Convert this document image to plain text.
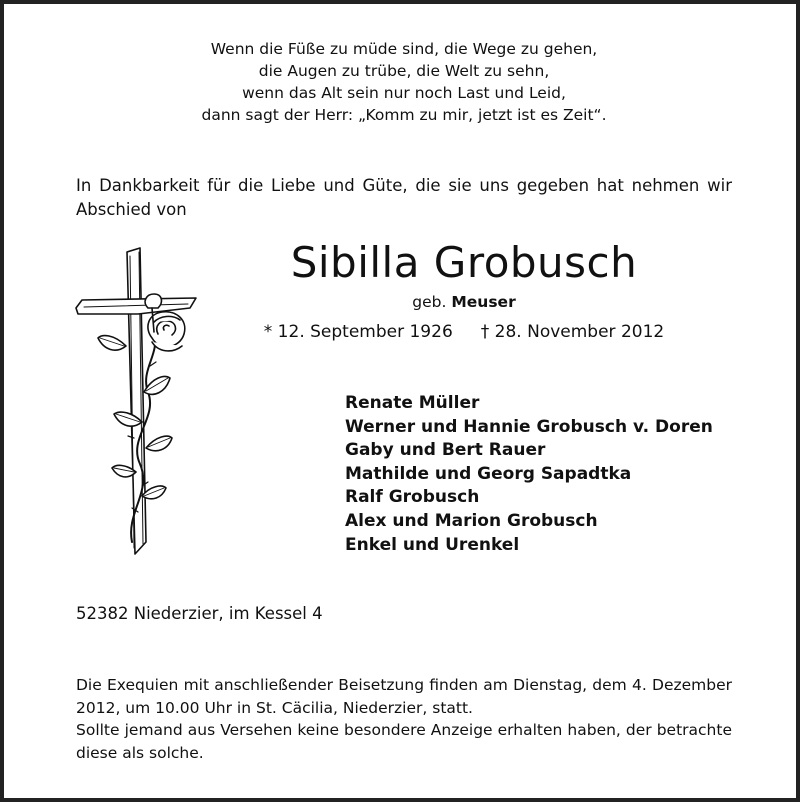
Wenn die Füße zu müde sind, die Wege zu gehen,
die Augen zu trübe, die Welt zu sehn,
wenn das Alt sein nur noch Last und Leid,
dann sagt der Herr: „Komm zu mir, jetzt ist es Zeit“.
In Dankbarkeit für die Liebe und Güte, die sie uns gegeben hat nehmen wir Abschied von
Sibilla Grobusch
geb. Meuser
* 12. September 1926 † 28. November 2012
Renate Müller
Werner und Hannie Grobusch v. Doren
Gaby und Bert Rauer
Mathilde und Georg Sapadtka
Ralf Grobusch
Alex und Marion Grobusch
Enkel und Urenkel
52382 Niederzier, im Kessel 4
Die Exequien mit anschließender Beisetzung finden am Dienstag, dem 4. Dezember 2012, um 10.00 Uhr in St. Cäcilia, Niederzier, statt.
Sollte jemand aus Versehen keine besondere Anzeige erhalten haben, der betrachte diese als solche.
